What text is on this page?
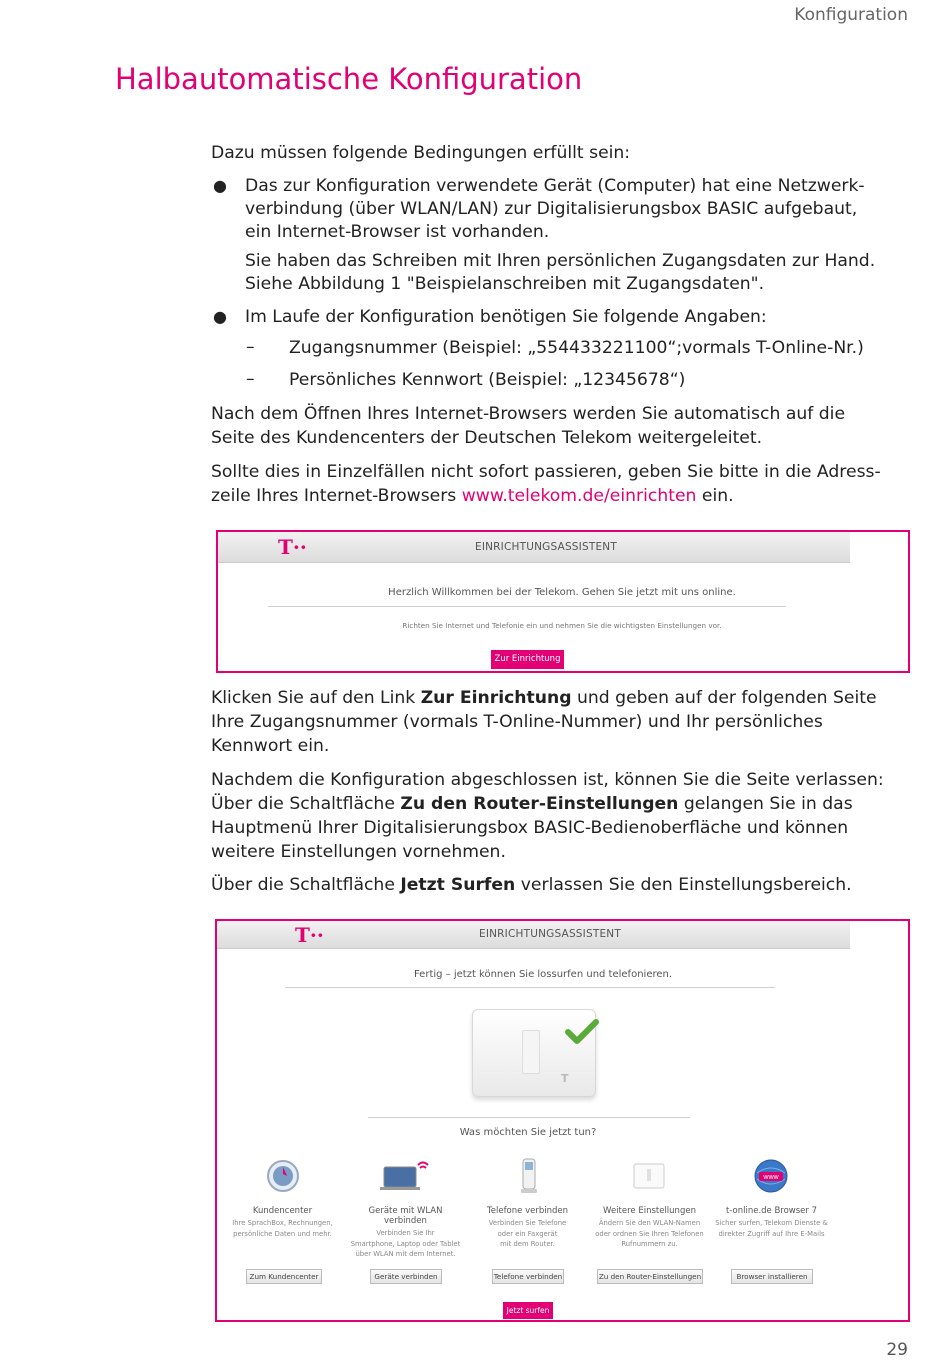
Konfiguration
Halbautomatische Konfiguration
Dazu müssen folgende Bedingungen erfüllt sein:
● Das zur Konfiguration verwendete Gerät (Computer) hat eine Netzwerk-
verbindung (über WLAN/LAN) zur Digitalisierungsbox BASIC aufgebaut,
ein Internet-Browser ist vorhanden.
Sie haben das Schreiben mit Ihren persönlichen Zugangsdaten zur Hand.
Siehe Abbildung 1 "Beispielanschreiben mit Zugangsdaten".
● Im Laufe der Konfiguration benötigen Sie folgende Angaben:
– Zugangsnummer (Beispiel: „554433221100“;vormals T-Online-Nr.)
– Persönliches Kennwort (Beispiel: „12345678“)
Nach dem Öffnen Ihres Internet-Browsers werden Sie automatisch auf die
Seite des Kundencenters der Deutschen Telekom weitergeleitet.
Sollte dies in Einzelfällen nicht sofort passieren, geben Sie bitte in die Adress-
zeile Ihres Internet-Browsers www.telekom.de/einrichten ein.
T··	EINRICHTUNGSASSISTENT
Herzlich Willkommen bei der Telekom. Gehen Sie jetzt mit uns online.
Richten Sie Internet und Telefonie ein und nehmen Sie die wichtigsten Einstellungen vor.
Zur Einrichtung
Klicken Sie auf den Link Zur Einrichtung und geben auf der folgenden Seite
Ihre Zugangsnummer (vormals T-Online-Nummer) und Ihr persönliches
Kennwort ein.
Nachdem die Konfiguration abgeschlossen ist, können Sie die Seite verlassen:
Über die Schaltfläche Zu den Router-Einstellungen gelangen Sie in das
Hauptmenü Ihrer Digitalisierungsbox BASIC-Bedienoberfläche und können
weitere Einstellungen vornehmen.
Über die Schaltfläche Jetzt Surfen verlassen Sie den Einstellungsbereich.
T··	EINRICHTUNGSASSISTENT
Fertig – jetzt können Sie lossurfen und telefonieren.
T
Was möchten Sie jetzt tun?
www
Kundencenter
Ihre SprachBox, Rechnungen,
persönliche Daten und mehr.
Geräte mit WLAN verbinden
Verbinden Sie Ihr
Smartphone, Laptop oder Tablet
über WLAN mit dem Internet.
Telefone verbinden
Verbinden Sie Telefone
oder ein Faxgerät
mit dem Router.
Weitere Einstellungen
Ändern Sie den WLAN-Namen
oder ordnen Sie Ihren Telefonen
Rufnummern zu.
t-online.de Browser 7
Sicher surfen, Telekom Dienste &
direkter Zugriff auf Ihre E-Mails
Zum Kundencenter	Geräte verbinden	Telefone verbinden	Zu den Router-Einstellungen	Browser installieren
Jetzt surfen
29
